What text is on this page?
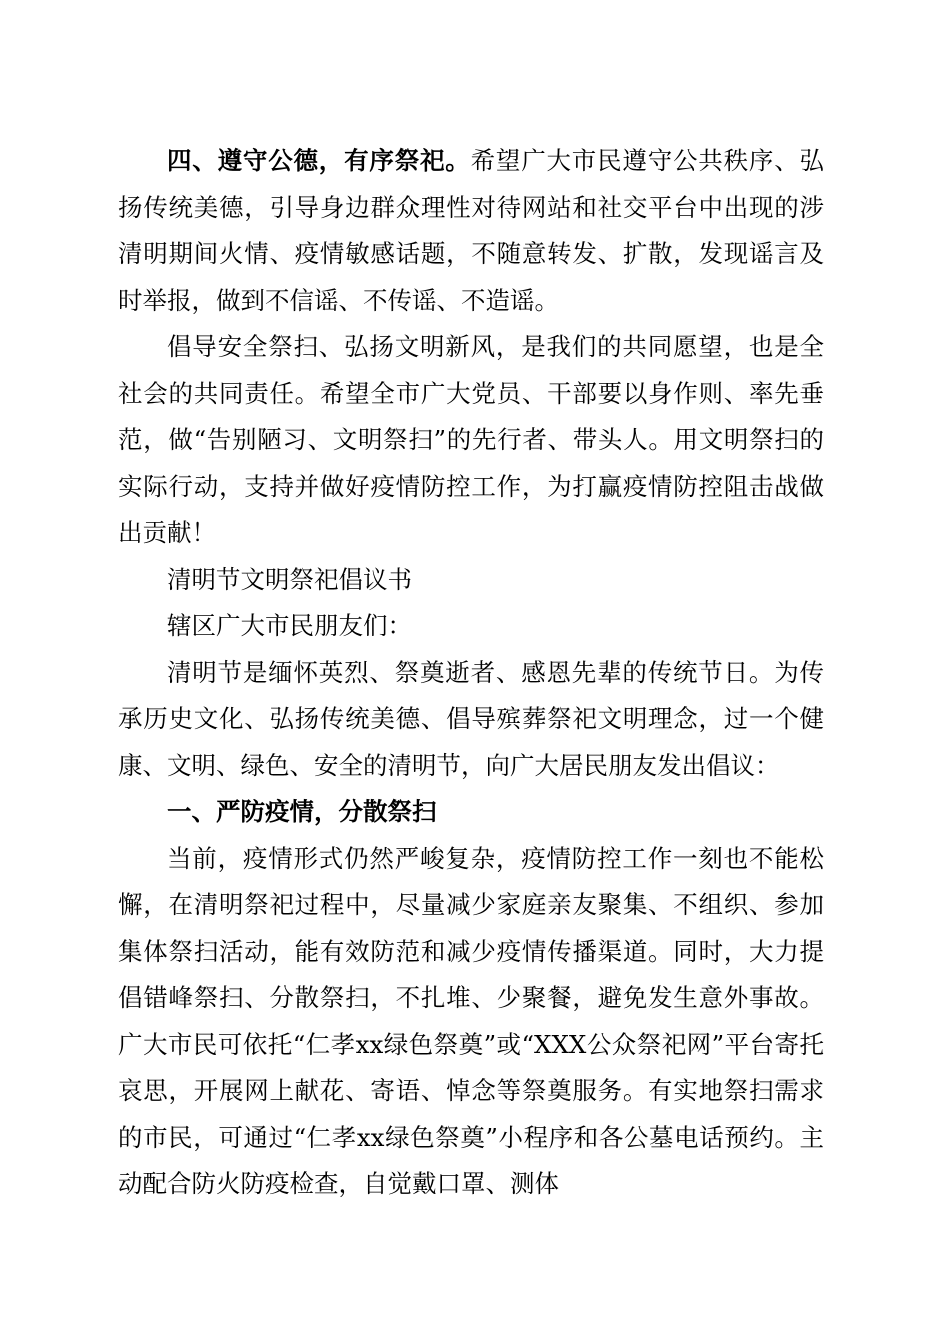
四、遵守公德，有序祭祀。希望广大市民遵守公共秩序、弘扬传统美德，引导身边群众理性对待网站和社交平台中出现的涉清明期间火情、疫情敏感话题，不随意转发、扩散，发现谣言及时举报，做到不信谣、不传谣、不造谣。

倡导安全祭扫、弘扬文明新风，是我们的共同愿望，也是全社会的共同责任。希望全市广大党员、干部要以身作则、率先垂范，做“告别陋习、文明祭扫”的先行者、带头人。用文明祭扫的实际行动，支持并做好疫情防控工作，为打赢疫情防控阻击战做出贡献！

清明节文明祭祀倡议书

辖区广大市民朋友们：

清明节是缅怀英烈、祭奠逝者、感恩先辈的传统节日。为传承历史文化、弘扬传统美德、倡导殡葬祭祀文明理念，过一个健康、文明、绿色、安全的清明节，向广大居民朋友发出倡议：

一、严防疫情，分散祭扫

当前，疫情形式仍然严峻复杂，疫情防控工作一刻也不能松懈，在清明祭祀过程中，尽量减少家庭亲友聚集、不组织、参加集体祭扫活动，能有效防范和减少疫情传播渠道。同时，大力提倡错峰祭扫、分散祭扫，不扎堆、少聚餐，避免发生意外事故。广大市民可依托“仁孝xx绿色祭奠”或“XXX公众祭祀网”平台寄托哀思，开展网上献花、寄语、悼念等祭奠服务。有实地祭扫需求的市民，可通过“仁孝xx绿色祭奠”小程序和各公墓电话预约。主动配合防火防疫检查，自觉戴口罩、测体
